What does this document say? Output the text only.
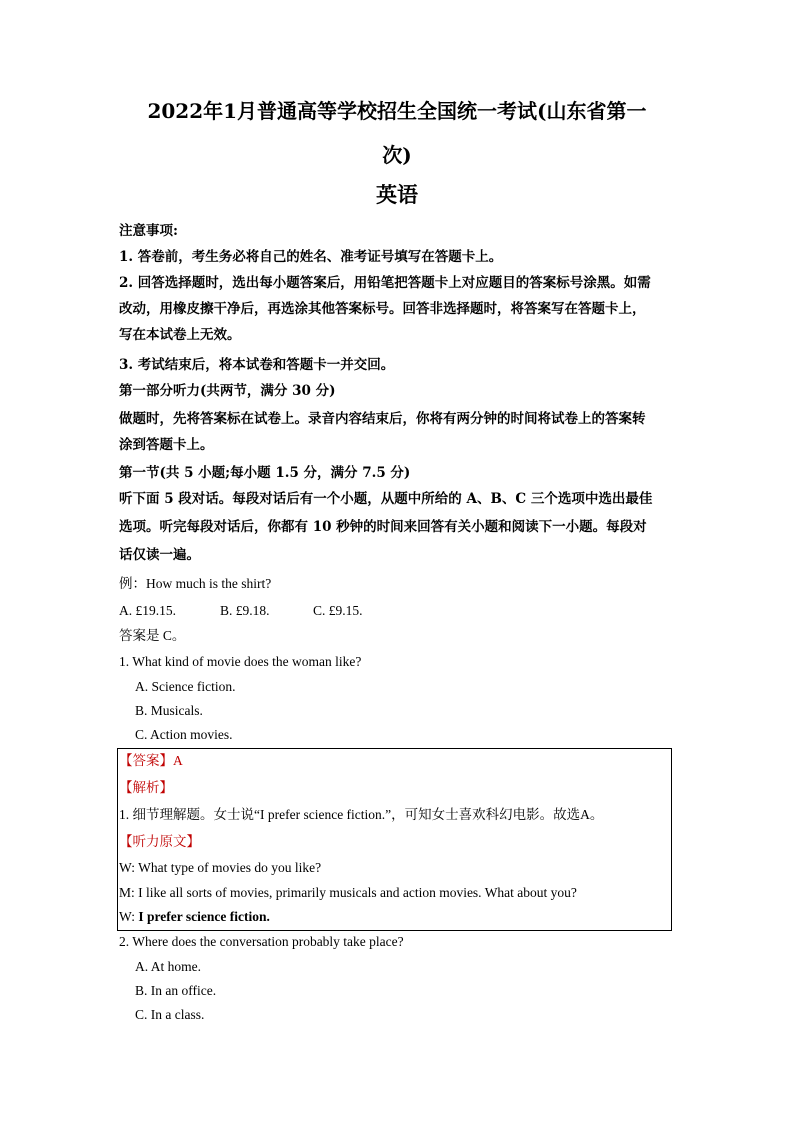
2022年1月普通高等学校招生全国统一考试(山东省第一
次)
英语
注意事项:
1. 答卷前，考生务必将自己的姓名、准考证号填写在答题卡上。
2. 回答选择题时，选出每小题答案后，用铅笔把答题卡上对应题目的答案标号涂黑。如需
改动，用橡皮擦干净后，再选涂其他答案标号。回答非选择题时，将答案写在答题卡上，
写在本试卷上无效。
3. 考试结束后，将本试卷和答题卡一并交回。
第一部分听力(共两节，满分 30 分)
做题时，先将答案标在试卷上。录音内容结束后，你将有两分钟的时间将试卷上的答案转
涂到答题卡上。
第一节(共 5 小题;每小题 1.5 分，满分 7.5 分)
听下面 5 段对话。每段对话后有一个小题，从题中所给的 A、B、C 三个选项中选出最佳
选项。听完每段对话后，你都有 10 秒钟的时间来回答有关小题和阅读下一小题。每段对
话仅读一遍。
例：How much is the shirt?
A. £19.15.	B. £9.18.	C. £9.15.
答案是 C。
1. What kind of movie does the woman like?
A. Science fiction.
B. Musicals.
C. Action movies.
【答案】A
【解析】
1. 细节理解题。女士说“I prefer science fiction.”，可知女士喜欢科幻电影。故选A。
【听力原文】
W: What type of movies do you like?
M: I like all sorts of movies, primarily musicals and action movies. What about you?
W: I prefer science fiction.
2. Where does the conversation probably take place?
A. At home.
B. In an office.
C. In a class.
